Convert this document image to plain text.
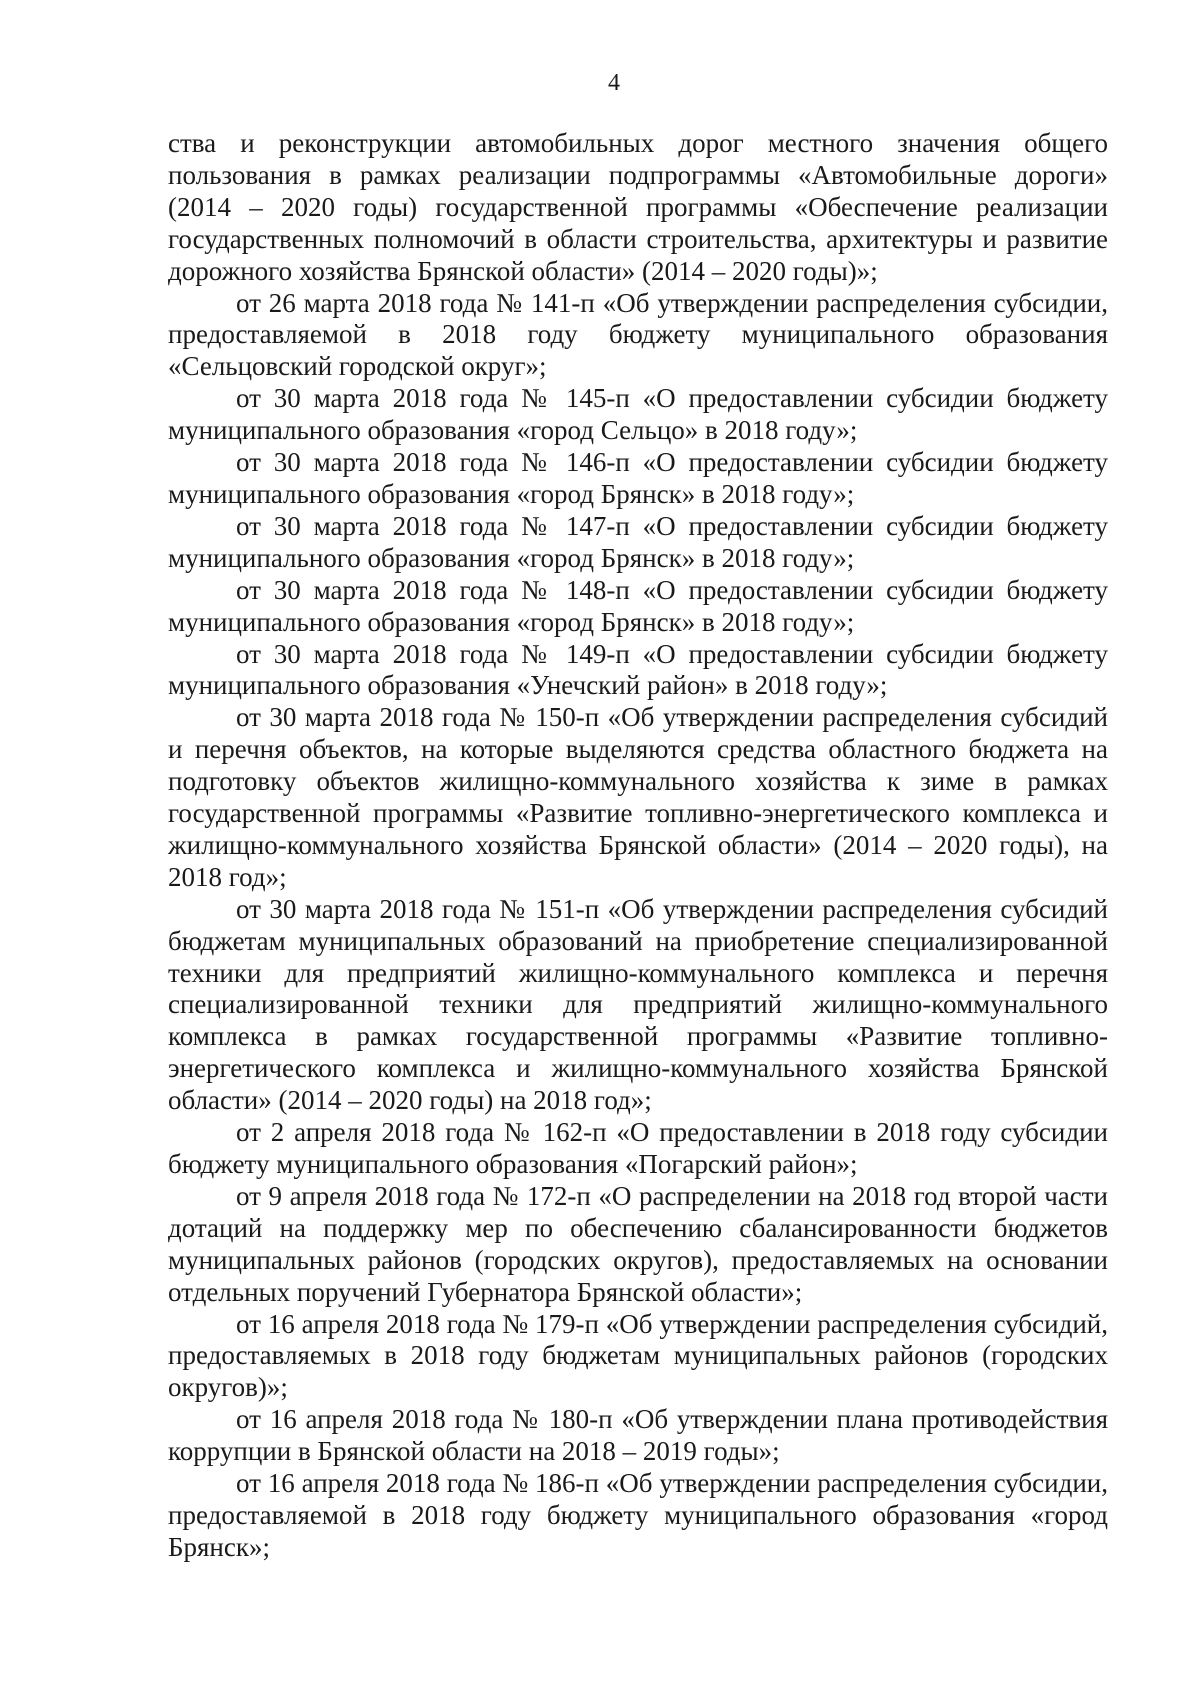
4

ства и реконструкции автомобильных дорог местного значения общего пользования в рамках реализации подпрограммы «Автомобильные дороги» (2014 – 2020 годы) государственной программы «Обеспечение реализации государственных полномочий в области строительства, архитектуры и развитие дорожного хозяйства Брянской области» (2014 – 2020 годы)»;

от 26 марта 2018 года № 141-п «Об утверждении распределения субсидии, предоставляемой в 2018 году бюджету муниципального образования «Сельцовский городской округ»;

от 30 марта 2018 года № 145-п «О предоставлении субсидии бюджету муниципального образования «город Сельцо» в 2018 году»;

от 30 марта 2018 года № 146-п «О предоставлении субсидии бюджету муниципального образования «город Брянск» в 2018 году»;

от 30 марта 2018 года № 147-п «О предоставлении субсидии бюджету муниципального образования «город Брянск» в 2018 году»;

от 30 марта 2018 года № 148-п «О предоставлении субсидии бюджету муниципального образования «город Брянск» в 2018 году»;

от 30 марта 2018 года № 149-п «О предоставлении субсидии бюджету муниципального образования «Унечский район» в 2018 году»;

от 30 марта 2018 года № 150-п «Об утверждении распределения субсидий и перечня объектов, на которые выделяются средства областного бюджета на подготовку объектов жилищно-коммунального хозяйства к зиме в рамках государственной программы «Развитие топливно-энергетического комплекса и жилищно-коммунального хозяйства Брянской области» (2014 – 2020 годы), на 2018 год»;

от 30 марта 2018 года № 151-п «Об утверждении распределения субсидий бюджетам муниципальных образований на приобретение специализированной техники для предприятий жилищно-коммунального комплекса и перечня специализированной техники для предприятий жилищно-коммунального комплекса в рамках государственной программы «Развитие топливно-энергетического комплекса и жилищно-коммунального хозяйства Брянской области» (2014 – 2020 годы) на 2018 год»;

от 2 апреля 2018 года № 162-п «О предоставлении в 2018 году субсидии бюджету муниципального образования «Погарский район»;

от 9 апреля 2018 года № 172-п «О распределении на 2018 год второй части дотаций на поддержку мер по обеспечению сбалансированности бюджетов муниципальных районов (городских округов), предоставляемых на основании отдельных поручений Губернатора Брянской области»;

от 16 апреля 2018 года № 179-п «Об утверждении распределения субсидий, предоставляемых в 2018 году бюджетам муниципальных районов (городских округов)»;

от 16 апреля 2018 года № 180-п «Об утверждении плана противодействия коррупции в Брянской области на 2018 – 2019 годы»;

от 16 апреля 2018 года № 186-п «Об утверждении распределения субсидии, предоставляемой в 2018 году бюджету муниципального образования «город Брянск»;
